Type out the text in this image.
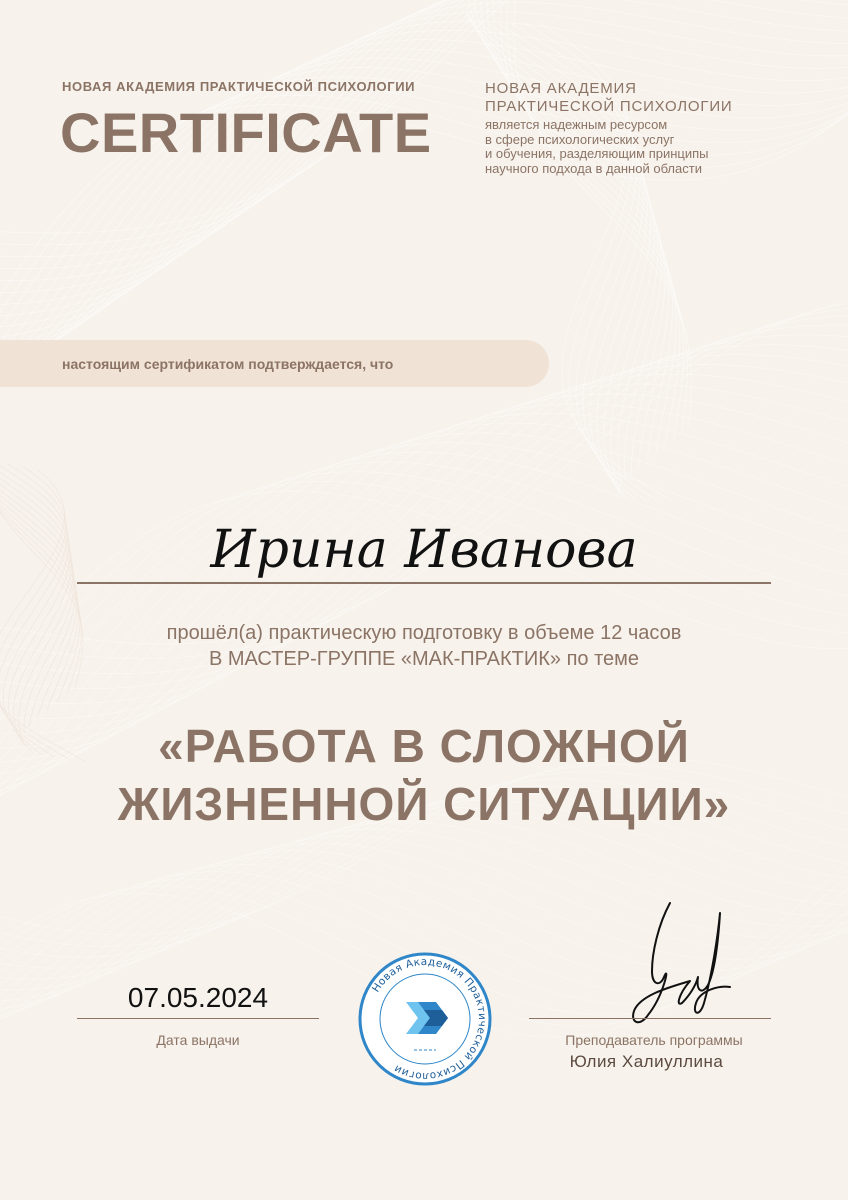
НОВАЯ АКАДЕМИЯ ПРАКТИЧЕСКОЙ ПСИХОЛОГИИ
CERTIFICATE
НОВАЯ АКАДЕМИЯ
ПРАКТИЧЕСКОЙ ПСИХОЛОГИИ
является надежным ресурсом
в сфере психологических услуг
и обучения, разделяющим принципы
научного подхода в данной области
настоящим сертификатом подтверждается, что
Ирина Иванова
прошёл(а) практическую подготовку в объеме 12 часов
В МАСТЕР-ГРУППЕ «МАК-ПРАКТИК» по теме
«РАБОТА В СЛОЖНОЙ
ЖИЗНЕННОЙ СИТУАЦИИ»
07.05.2024
Дата выдачи
Новая Академия Практической Психологии
Преподаватель программы
Юлия Халиуллина
